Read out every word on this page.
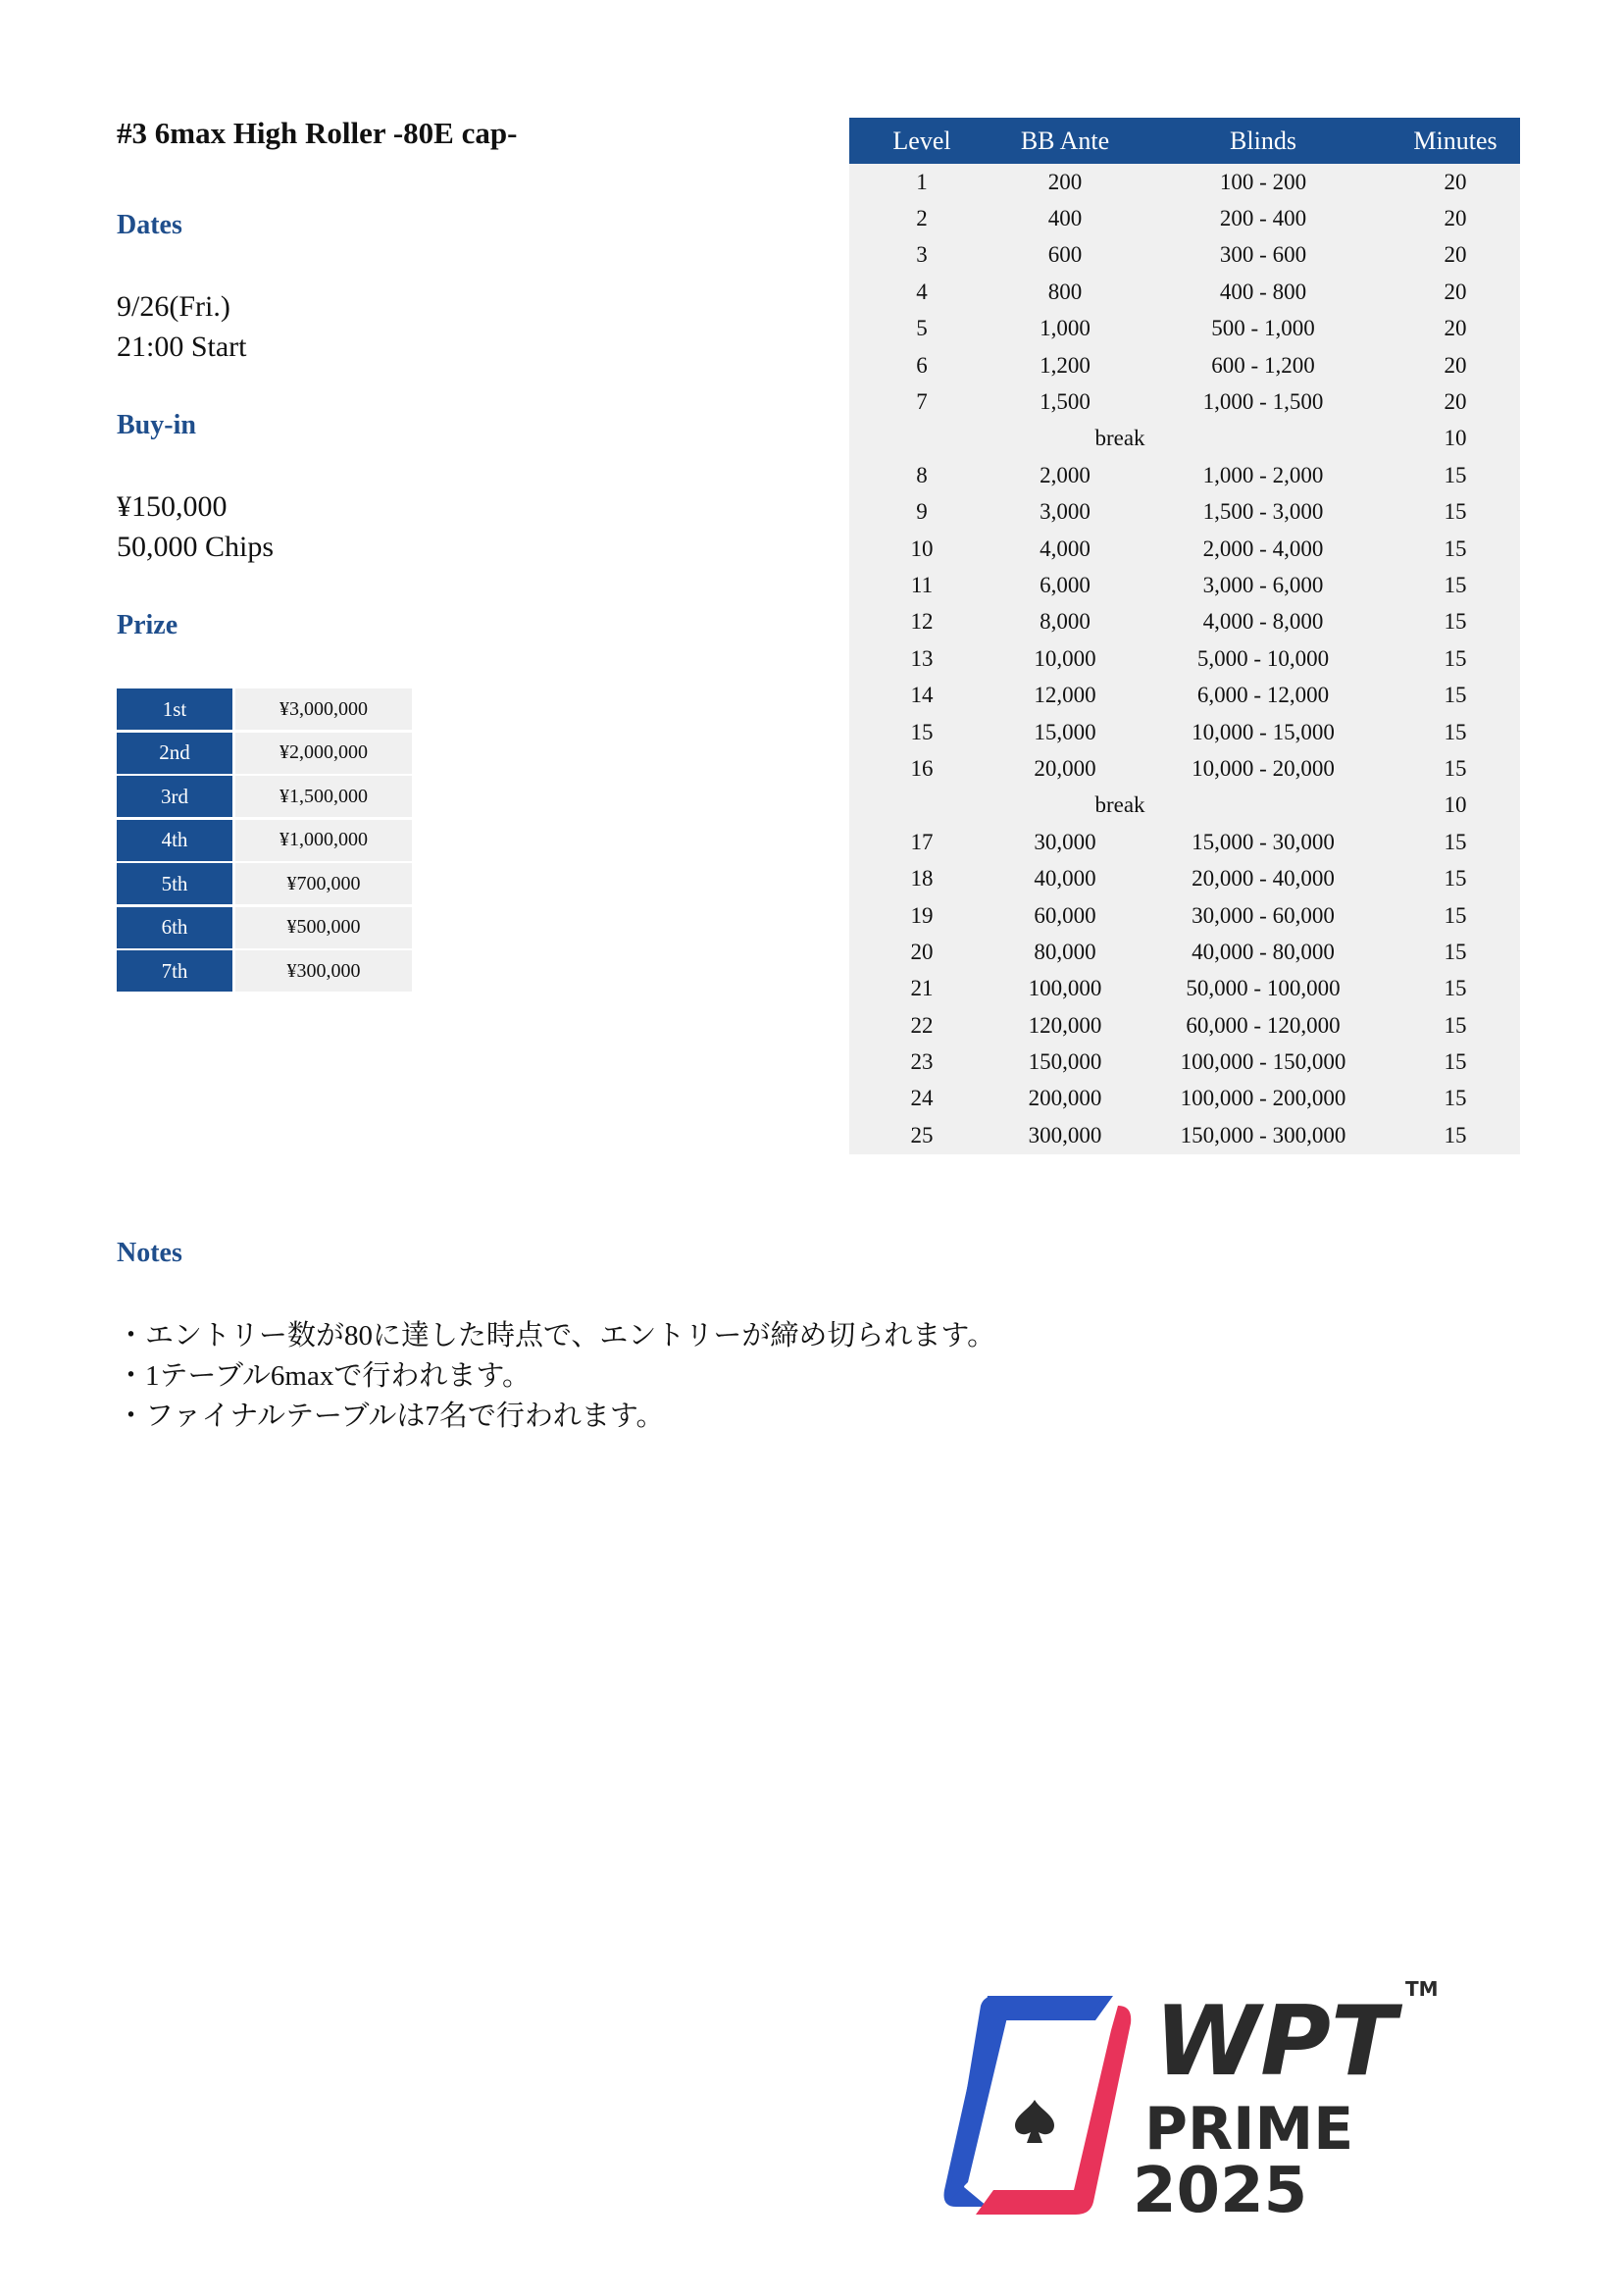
#3 6max High Roller -80E cap-
Dates
9/26(Fri.)
21:00 Start
Buy-in
¥150,000
50,000 Chips
Prize
1st	¥3,000,000
2nd	¥2,000,000
3rd	¥1,500,000
4th	¥1,000,000
5th	¥700,000
6th	¥500,000
7th	¥300,000
Level	BB Ante	Blinds	Minutes
1	200	100 - 200	20
2	400	200 - 400	20
3	600	300 - 600	20
4	800	400 - 800	20
5	1,000	500 - 1,000	20
6	1,200	600 - 1,200	20
7	1,500	1,000 - 1,500	20
break			10
8	2,000	1,000 - 2,000	15
9	3,000	1,500 - 3,000	15
10	4,000	2,000 - 4,000	15
11	6,000	3,000 - 6,000	15
12	8,000	4,000 - 8,000	15
13	10,000	5,000 - 10,000	15
14	12,000	6,000 - 12,000	15
15	15,000	10,000 - 15,000	15
16	20,000	10,000 - 20,000	15
break			10
17	30,000	15,000 - 30,000	15
18	40,000	20,000 - 40,000	15
19	60,000	30,000 - 60,000	15
20	80,000	40,000 - 80,000	15
21	100,000	50,000 - 100,000	15
22	120,000	60,000 - 120,000	15
23	150,000	100,000 - 150,000	15
24	200,000	100,000 - 200,000	15
25	300,000	150,000 - 300,000	15
Notes
・エントリー数が80に達した時点で、エントリーが締め切られます。
・1テーブル6maxで行われます。
・ファイナルテーブルは7名で行われます。
WPT
PRIME
2025
TM
